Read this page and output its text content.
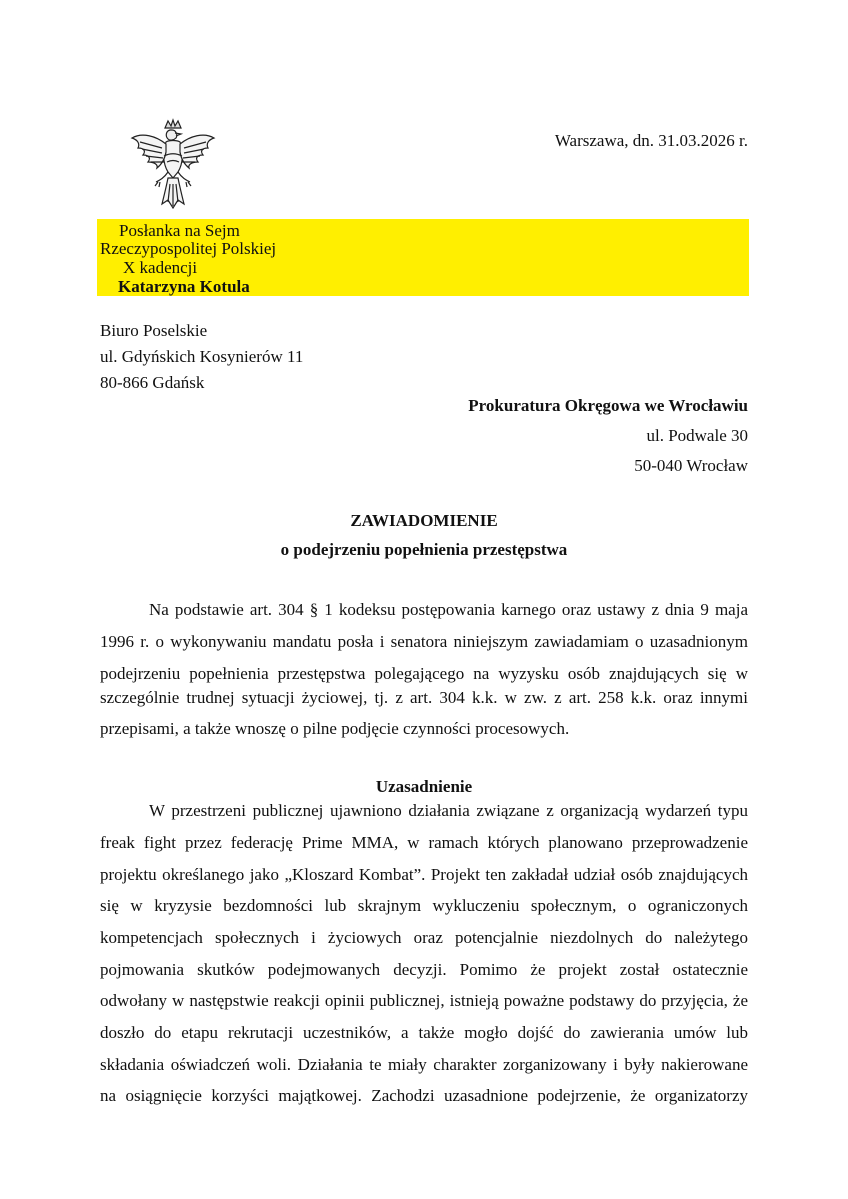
Warszawa, dn. 31.03.2026 r.
Posłanka na Sejm
Rzeczypospolitej Polskiej
X kadencji
Katarzyna Kotula
Biuro Poselskie
ul. Gdyńskich Kosynierów 11
80-866 Gdańsk
Prokuratura Okręgowa we Wrocławiu
ul. Podwale 30
50-040 Wrocław
ZAWIADOMIENIE
o podejrzeniu popełnienia przestępstwa
Na podstawie art. 304 § 1 kodeksu postępowania karnego oraz ustawy z dnia 9 maja
1996 r. o wykonywaniu mandatu posła i senatora niniejszym zawiadamiam o uzasadnionym
podejrzeniu popełnienia przestępstwa polegającego na wyzysku osób znajdujących się w
szczególnie trudnej sytuacji życiowej, tj. z art. 304 k.k. w zw. z art. 258 k.k. oraz innymi
przepisami, a także wnoszę o pilne podjęcie czynności procesowych.
Uzasadnienie
W przestrzeni publicznej ujawniono działania związane z organizacją wydarzeń typu
freak fight przez federację Prime MMA, w ramach których planowano przeprowadzenie
projektu określanego jako „Kloszard Kombat”. Projekt ten zakładał udział osób znajdujących
się w kryzysie bezdomności lub skrajnym wykluczeniu społecznym, o ograniczonych
kompetencjach społecznych i życiowych oraz potencjalnie niezdolnych do należytego
pojmowania skutków podejmowanych decyzji. Pomimo że projekt został ostatecznie
odwołany w następstwie reakcji opinii publicznej, istnieją poważne podstawy do przyjęcia, że
doszło do etapu rekrutacji uczestników, a także mogło dojść do zawierania umów lub
składania oświadczeń woli. Działania te miały charakter zorganizowany i były nakierowane
na osiągnięcie korzyści majątkowej. Zachodzi uzasadnione podejrzenie, że organizatorzy
